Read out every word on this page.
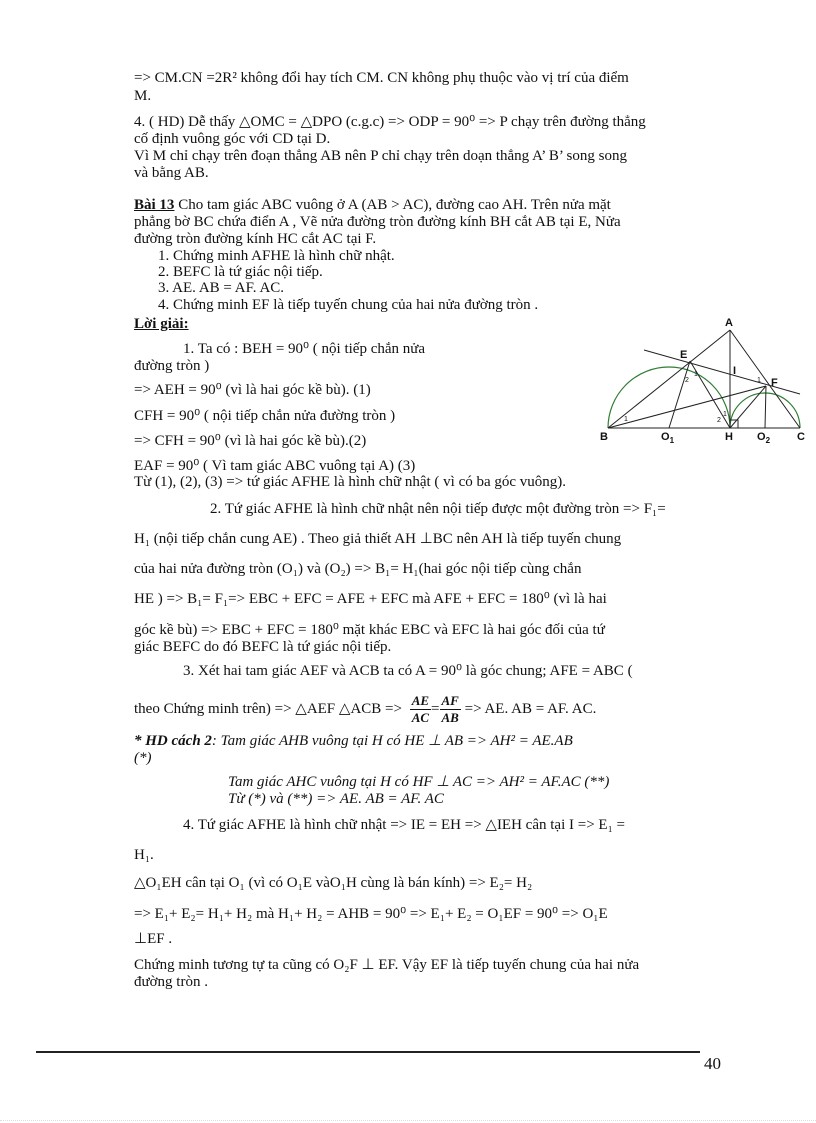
=> CM.CN =2R² không đổi hay tích CM. CN không phụ thuộc vào vị trí của điểm
M.
4. ( HD) Dễ thấy △OMC = △DPO (c.g.c) => ODP = 90⁰ => P chạy trên đường thẳng
cố định vuông góc với CD tại D.
Vì M chỉ chạy trên đoạn thẳng AB nên P chỉ chạy trên doạn thẳng A’ B’ song song
và bằng AB.
Bài 13 Cho tam giác ABC vuông ở A (AB > AC), đường cao AH. Trên nửa mặt
phẳng bờ BC chứa điển A , Vẽ nửa đường tròn đường kính BH cắt AB tại E, Nửa
đường tròn đường kính HC cắt AC tại F.
1. Chứng minh AFHE là hình chữ nhật.
2. BEFC là tứ giác nội tiếp.
3. AE. AB = AF. AC.
4. Chứng minh EF là tiếp tuyến chung của hai nửa đường tròn .
Lời giải:
1. Ta có : BEH = 90⁰ ( nội tiếp chắn nửa
đường tròn )
=> AEH = 90⁰ (vì là hai góc kề bù). (1)
CFH = 90⁰ ( nội tiếp chắn nửa đường tròn )
=> CFH = 90⁰ (vì là hai góc kề bù).(2)
EAF = 90⁰ ( Vì tam giác ABC vuông tại A) (3)
Từ (1), (2), (3) => tứ giác AFHE là hình chữ nhật ( vì có ba góc vuông).
2. Tứ giác AFHE là hình chữ nhật nên nội tiếp được một đường tròn => F₁=
H₁ (nội tiếp chắn cung AE) . Theo giả thiết AH ⊥BC nên AH là tiếp tuyến chung
của hai nửa đường tròn (O₁) và (O₂) => B₁= H₁(hai góc nội tiếp cùng chắn
HE ) => B₁= F₁=> EBC + EFC = AFE + EFC mà AFE + EFC = 180⁰ (vì là hai
góc kề bù) => EBC + EFC = 180⁰ mặt khác EBC và EFC là hai góc đối của tứ
giác BEFC do đó BEFC là tứ giác nội tiếp.
3. Xét hai tam giác AEF và ACB ta có A = 90⁰ là góc chung; AFE = ABC (
theo Chứng minh trên) => △AEF △ACB => $\frac{AE}{AC} = \frac{AF}{AB}$ => AE. AB = AF. AC.
* HD cách 2: Tam giác AHB vuông tại H có HE ⊥ AB => AH² = AE.AB
(*)
Tam giác AHC vuông tại H có HF ⊥ AC => AH² = AF.AC (**)
Từ (*) và (**) => AE. AB = AF. AC
4. Tứ giác AFHE là hình chữ nhật => IE = EH => △IEH cân tại I => E₁ =
H₁.
△O₁EH cân tại O₁ (vì có O₁E vàO₁H cùng là bán kính) => E₂= H₂
=> E₁+ E₂= H₁+ H₂ mà H₁+ H₂ = AHB = 90⁰ => E₁+ E₂ = O₁EF = 90⁰ => O₁E
⊥EF .
Chứng minh tương tự ta cũng có O₂F ⊥ EF. Vậy EF là tiếp tuyến chung của hai nửa
đường tròn .
A
B	C
E
F
H
I
$O_1$	$O_2$
1
2
1
1
2
1
40
